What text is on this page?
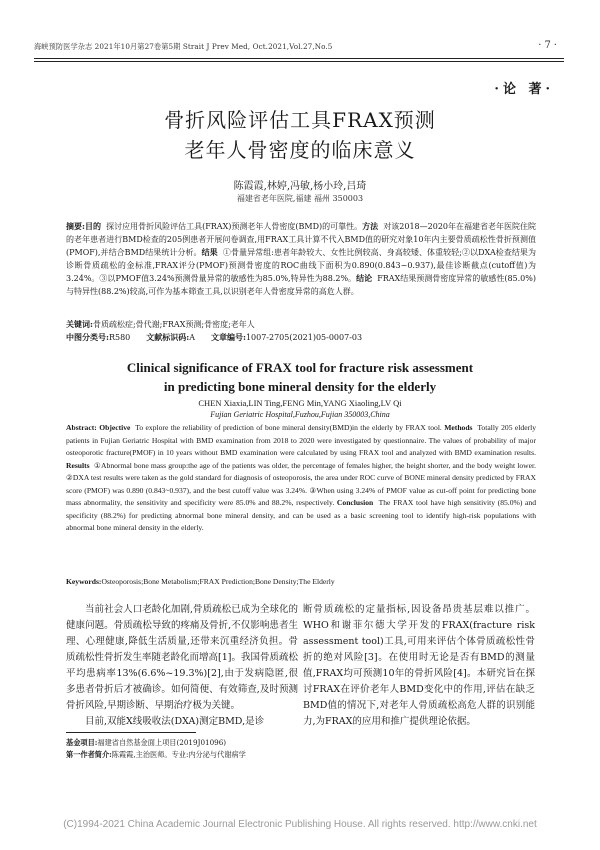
海峡预防医学杂志 2021年10月第27卷第5期 Strait J Prev Med, Oct.2021,Vol.27,No.5	·7·
·论 著·
骨折风险评估工具FRAX预测
老年人骨密度的临床意义
陈霞霞,林婷,冯敏,杨小玲,吕琦
福建省老年医院,福建 福州 350003
摘要:目的 探讨应用骨折风险评估工具(FRAX)预测老年人骨密度(BMD)的可靠性。方法 对该2018—2020年在福建省老年医院住院的老年患者进行BMD检查的205例患者开展问卷调查,用FRAX工具计算不代入BMD值的研究对象10年内主要骨质疏松性骨折预测值(PMOF),并结合BMD结果统计分析。结果 ①骨量异常组:患者年龄较大、女性比例较高、身高较矮、体重较轻;②以DXA检查结果为诊断骨质疏松的金标准,FRAX评分(PMOF)预测骨密度的ROC曲线下面积为0.890(0.843~0.937),最佳诊断截点(cutoff值)为3.24%。③以PMOF值3.24%预测骨量异常的敏感性为85.0%,特异性为88.2%。结论 FRAX结果预测骨密度异常的敏感性(85.0%)与特异性(88.2%)较高,可作为基本筛查工具,以识别老年人骨密度异常的高危人群。
关键词:骨质疏松症;骨代谢;FRAX预测;骨密度;老年人
中图分类号:R580   文献标识码:A   文章编号:1007-2705(2021)05-0007-03
Clinical significance of FRAX tool for fracture risk assessment
in predicting bone mineral density for the elderly
CHEN Xiaxia,LIN Ting,FENG Min,YANG Xiaoling,LV Qi
Fujian Geriatric Hospital,Fuzhou,Fujian 350003,China
Abstract: Objective To explore the reliability of prediction of bone mineral density(BMD)in the elderly by FRAX tool. Methods Totally 205 elderly patients in Fujian Geriatric Hospital with BMD examination from 2018 to 2020 were investigated by questionnaire. The values of probability of major osteoporotic fracture(PMOF) in 10 years without BMD examination were calculated by using FRAX tool and analyzed with BMD examination results. Results ①Abnormal bone mass group:the age of the patients was older, the percentage of females higher, the height shorter, and the body weight lower. ②DXA test results were taken as the gold standard for diagnosis of osteoporosis, the area under ROC curve of BONE mineral density predicted by FRAX score (PMOF) was 0.890 (0.843~0.937), and the best cutoff value was 3.24%. ③When using 3.24% of PMOF value as cut-off point for predicting bone mass abnormality, the sensitivity and specificity were 85.0% and 88.2%, respectively. Conclusion The FRAX tool have high sensitivity (85.0%) and specificity (88.2%) for predicting abnormal bone mineral density, and can be used as a basic screening tool to identify high-risk populations with abnormal bone mineral density in the elderly.
Keywords:Osteoporosis;Bone Metabolism;FRAX Prediction;Bone Density;The Elderly
当前社会人口老龄化加剧,骨质疏松已成为全球化的健康问题。骨质疏松导致的疼痛及骨折,不仅影响患者生理、心理健康,降低生活质量,还带来沉重经济负担。骨质疏松性骨折发生率随老龄化而增高[1]。我国骨质疏松平均患病率13%(6.6%~19.3%)[2],由于发病隐匿,很多患者骨折后才被确诊。如何简便、有效筛查,及时预测骨折风险,早期诊断、早期治疗极为关键。
目前,双能X线吸收法(DXA)测定BMD,是诊
断骨质疏松的定量指标,因设备昂贵基层难以推广。WHO和谢菲尔德大学开发的FRAX(fracture risk assessment tool)工具,可用来评估个体骨质疏松性骨折的绝对风险[3]。在使用时无论是否有BMD的测量值,FRAX均可预测10年的骨折风险[4]。本研究旨在探讨FRAX在评价老年人BMD变化中的作用,评估在缺乏BMD值的情况下,对老年人骨质疏松高危人群的识别能力,为FRAX的应用和推广提供理论依据。
基金项目:福建省自然基金面上项目(2019J01096)
第一作者简介:陈霞霞,主治医师。专业:内分泌与代谢病学
(C)1994-2021 China Academic Journal Electronic Publishing House. All rights reserved. http://www.cnki.net
